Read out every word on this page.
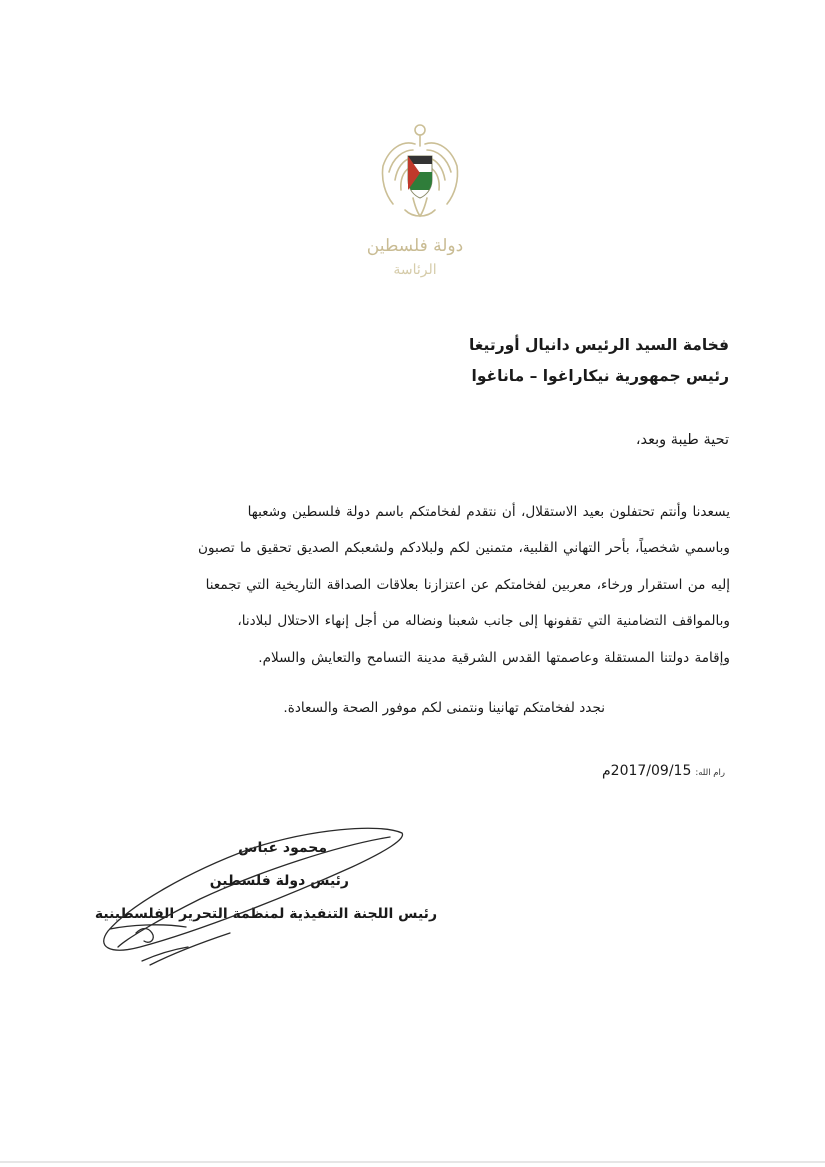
دولة فلسطين
الرئاسة
فخامة السيد الرئيس دانيال أورتيغا
رئيس جمهورية نيكاراغوا – ماناغوا
تحية طيبة وبعد،
يسعدنا وأنتم تحتفلون بعيد الاستقلال، أن نتقدم لفخامتكم باسم دولة فلسطين وشعبها
وباسمي شخصياً، بأحر التهاني القلبية، متمنين لكم ولبلادكم ولشعبكم الصديق تحقيق ما تصبون
إليه من استقرار ورخاء، معربين لفخامتكم عن اعتزازنا بعلاقات الصداقة التاريخية التي تجمعنا
وبالمواقف التضامنية التي تقفونها إلى جانب شعبنا ونضاله من أجل إنهاء الاحتلال لبلادنا،
وإقامة دولتنا المستقلة وعاصمتها القدس الشرقية مدينة التسامح والتعايش والسلام.
نجدد لفخامتكم تهانينا ونتمنى لكم موفور الصحة والسعادة.
رام الله:2017/09/15م
محمود عباس
رئيس دولة فلسطين
رئيس اللجنة التنفيذية لمنظمة التحرير الفلسطينية
